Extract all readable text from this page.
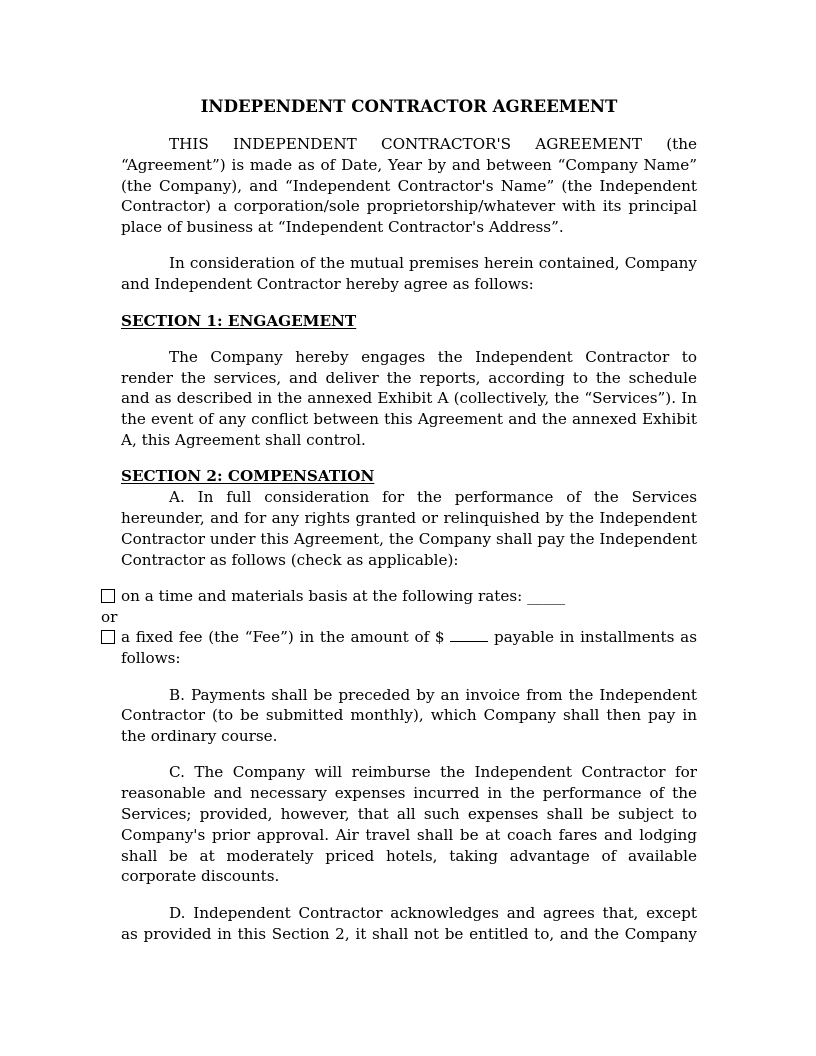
INDEPENDENT CONTRACTOR AGREEMENT

THIS INDEPENDENT CONTRACTOR'S AGREEMENT (the “Agreement”) is made as of Date, Year by and between “Company Name” (the Company), and “Independent Contractor's Name” (the Independent Contractor) a corporation/sole proprietorship/whatever with its principal place of business at “Independent Contractor's Address”.

In consideration of the mutual premises herein contained, Company and Independent Contractor hereby agree as follows:

SECTION 1: ENGAGEMENT

The Company hereby engages the Independent Contractor to render the services, and deliver the reports, according to the schedule and as described in the annexed Exhibit A (collectively, the “Services”). In the event of any conflict between this Agreement and the annexed Exhibit A, this Agreement shall control.

SECTION 2: COMPENSATION

A. In full consideration for the performance of the Services hereunder, and for any rights granted or relinquished by the Independent Contractor under this Agreement, the Company shall pay the Independent Contractor as follows (check as applicable):

on a time and materials basis at the following rates: _____

or

a fixed fee (the “Fee”) in the amount of $	payable in installments as follows:

B. Payments shall be preceded by an invoice from the Independent Contractor (to be submitted monthly), which Company shall then pay in the ordinary course.

C. The Company will reimburse the Independent Contractor for reasonable and necessary expenses incurred in the performance of the Services; provided, however, that all such expenses shall be subject to Company's prior approval. Air travel shall be at coach fares and lodging shall be at moderately priced hotels, taking advantage of available corporate discounts.

D. Independent Contractor acknowledges and agrees that, except as provided in this Section 2, it shall not be entitled to, and the Company
